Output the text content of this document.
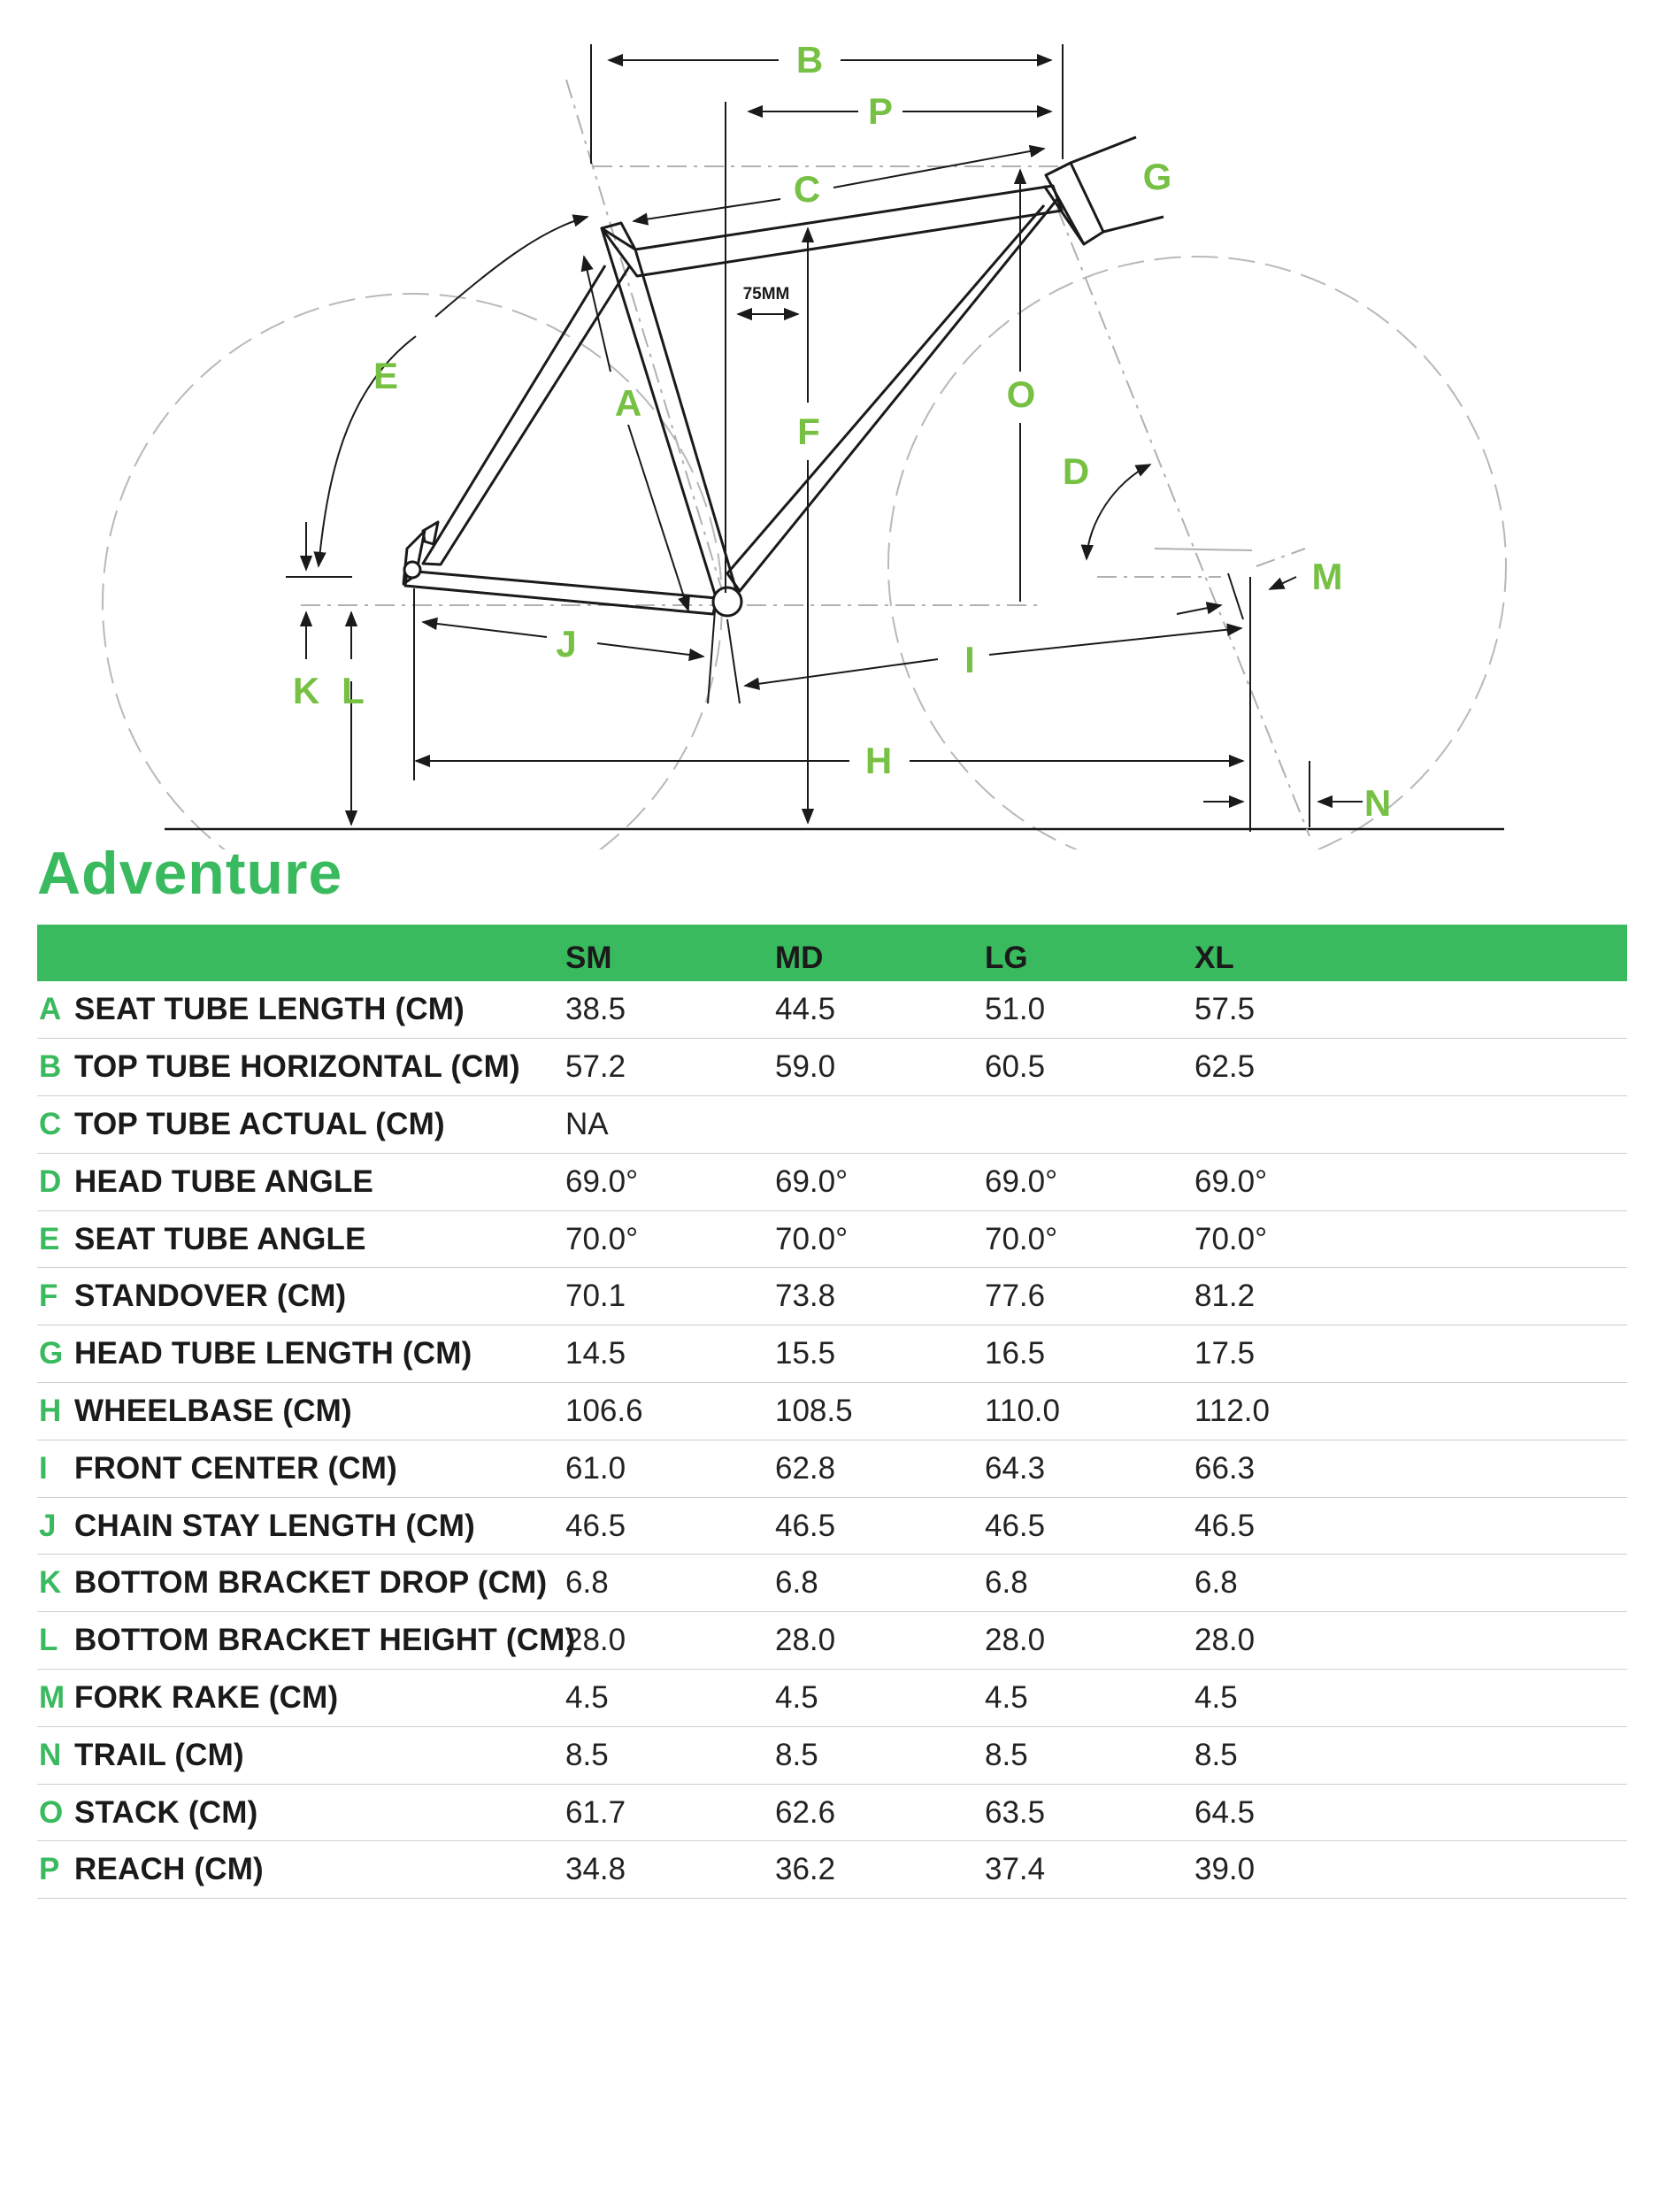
B
P
C	G
75MM
E
A
F
O
D
M
J	I
K L
H
N
Adventure
		SM	MD	LG	XL	
A	SEAT TUBE LENGTH (CM)	38.5	44.5	51.0	57.5	
B	TOP TUBE HORIZONTAL (CM)	57.2	59.0	60.5	62.5	
C	TOP TUBE ACTUAL (CM)	NA				
D	HEAD TUBE ANGLE	69.0°	69.0°	69.0°	69.0°	
E	SEAT TUBE ANGLE	70.0°	70.0°	70.0°	70.0°	
F	STANDOVER (CM)	70.1	73.8	77.6	81.2	
G	HEAD TUBE LENGTH (CM)	14.5	15.5	16.5	17.5	
H	WHEELBASE (CM)	106.6	108.5	110.0	112.0	
I	FRONT CENTER (CM)	61.0	62.8	64.3	66.3	
J	CHAIN STAY LENGTH (CM)	46.5	46.5	46.5	46.5	
K	BOTTOM BRACKET DROP (CM)	6.8	6.8	6.8	6.8	
L	BOTTOM BRACKET HEIGHT (CM)	28.0	28.0	28.0	28.0	
M	FORK RAKE (CM)	4.5	4.5	4.5	4.5	
N	TRAIL (CM)	8.5	8.5	8.5	8.5	
O	STACK (CM)	61.7	62.6	63.5	64.5	
P	REACH (CM)	34.8	36.2	37.4	39.0	
